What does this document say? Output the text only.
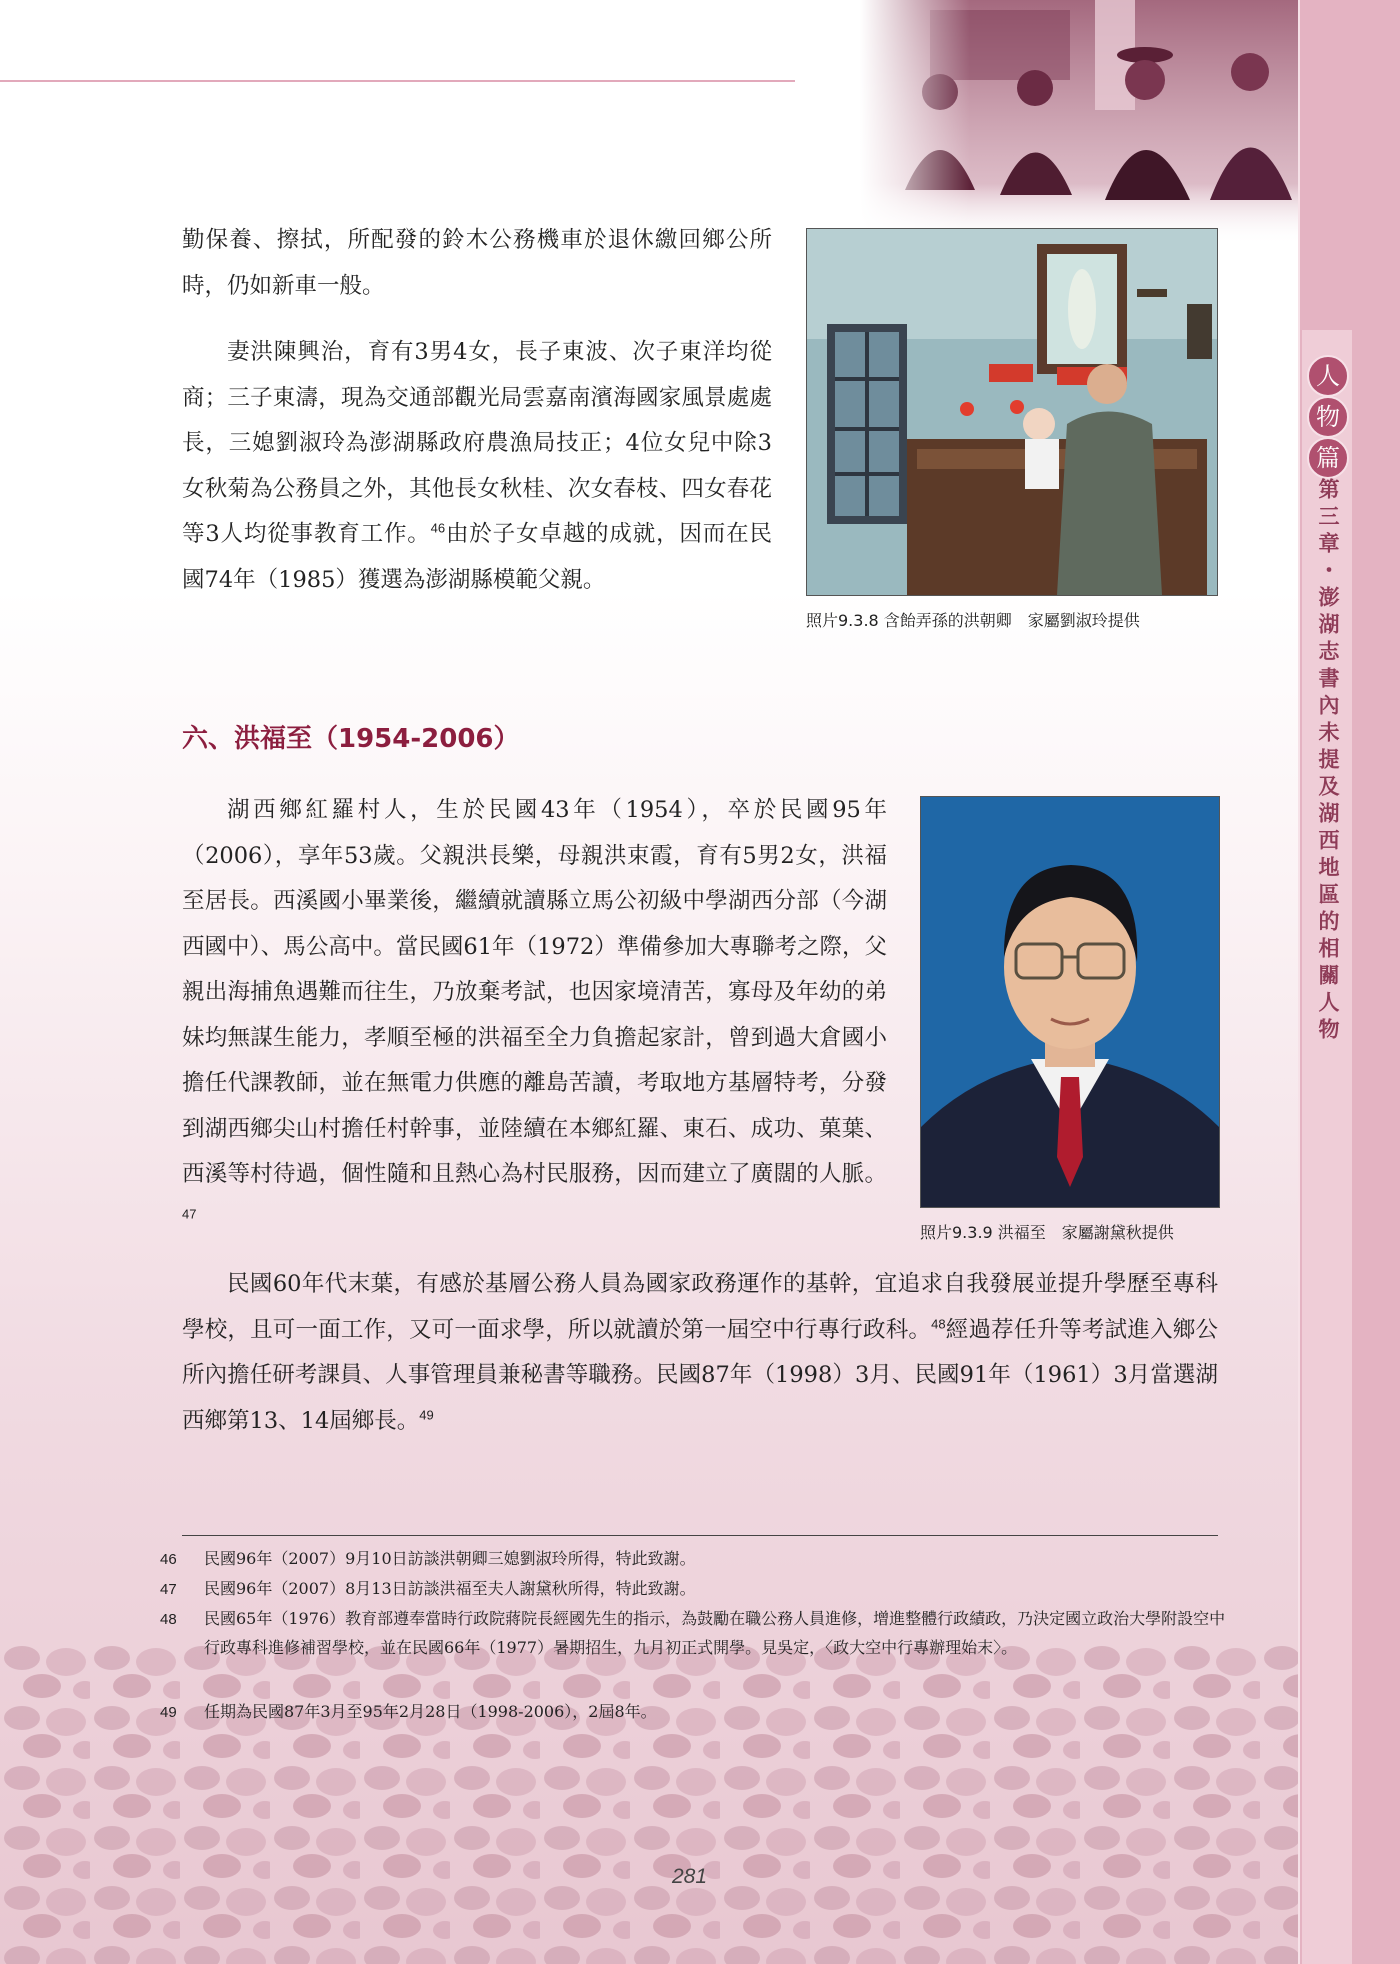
人
物
篇
第三章・澎湖志書內未提及湖西地區的相關人物

勤保養、擦拭，所配發的鈴木公務機車於退休繳回鄉公所時，仍如新車一般。

妻洪陳興治，育有3男4女，長子東波、次子東洋均從商；三子東濤，現為交通部觀光局雲嘉南濱海國家風景處處長，三媳劉淑玲為澎湖縣政府農漁局技正；4位女兒中除3女秋菊為公務員之外，其他長女秋桂、次女春枝、四女春花等3人均從事教育工作。$^{46}$由於子女卓越的成就，因而在民國74年（1985）獲選為澎湖縣模範父親。

照片9.3.8 含飴弄孫的洪朝卿　家屬劉淑玲提供
六、洪福至（1954-2006）

湖西鄉紅羅村人，生於民國43年（1954），卒於民國95年（2006），享年53歲。父親洪長樂，母親洪束霞，育有5男2女，洪福至居長。西溪國小畢業後，繼續就讀縣立馬公初級中學湖西分部（今湖西國中）、馬公高中。當民國61年（1972）準備參加大專聯考之際，父親出海捕魚遇難而往生，乃放棄考試，也因家境清苦，寡母及年幼的弟妹均無謀生能力，孝順至極的洪福至全力負擔起家計，曾到過大倉國小擔任代課教師，並在無電力供應的離島苦讀，考取地方基層特考，分發到湖西鄉尖山村擔任村幹事，並陸續在本鄉紅羅、東石、成功、菓葉、西溪等村待過，個性隨和且熱心為村民服務，因而建立了廣闊的人脈。$^{47}$

照片9.3.9 洪福至　家屬謝黛秋提供

民國60年代末葉，有感於基層公務人員為國家政務運作的基幹，宜追求自我發展並提升學歷至專科學校，且可一面工作，又可一面求學，所以就讀於第一屆空中行專行政科。$^{48}$經過荐任升等考試進入鄉公所內擔任研考課員、人事管理員兼秘書等職務。民國87年（1998）3月、民國91年（1961）3月當選湖西鄉第13、14屆鄉長。$^{49}$

46 民國96年（2007）9月10日訪談洪朝卿三媳劉淑玲所得，特此致謝。
47 民國96年（2007）8月13日訪談洪福至夫人謝黛秋所得，特此致謝。
48 民國65年（1976）教育部遵奉當時行政院蔣院長經國先生的指示，為鼓勵在職公務人員進修，增進整體行政績政，乃決定國立政治大學附設空中行政專科進修補習學校，並在民國66年（1977）暑期招生，九月初正式開學。見吳定，〈政大空中行專辦理始末〉。
49 任期為民國87年3月至95年2月28日（1998-2006），2屆8年。
281
